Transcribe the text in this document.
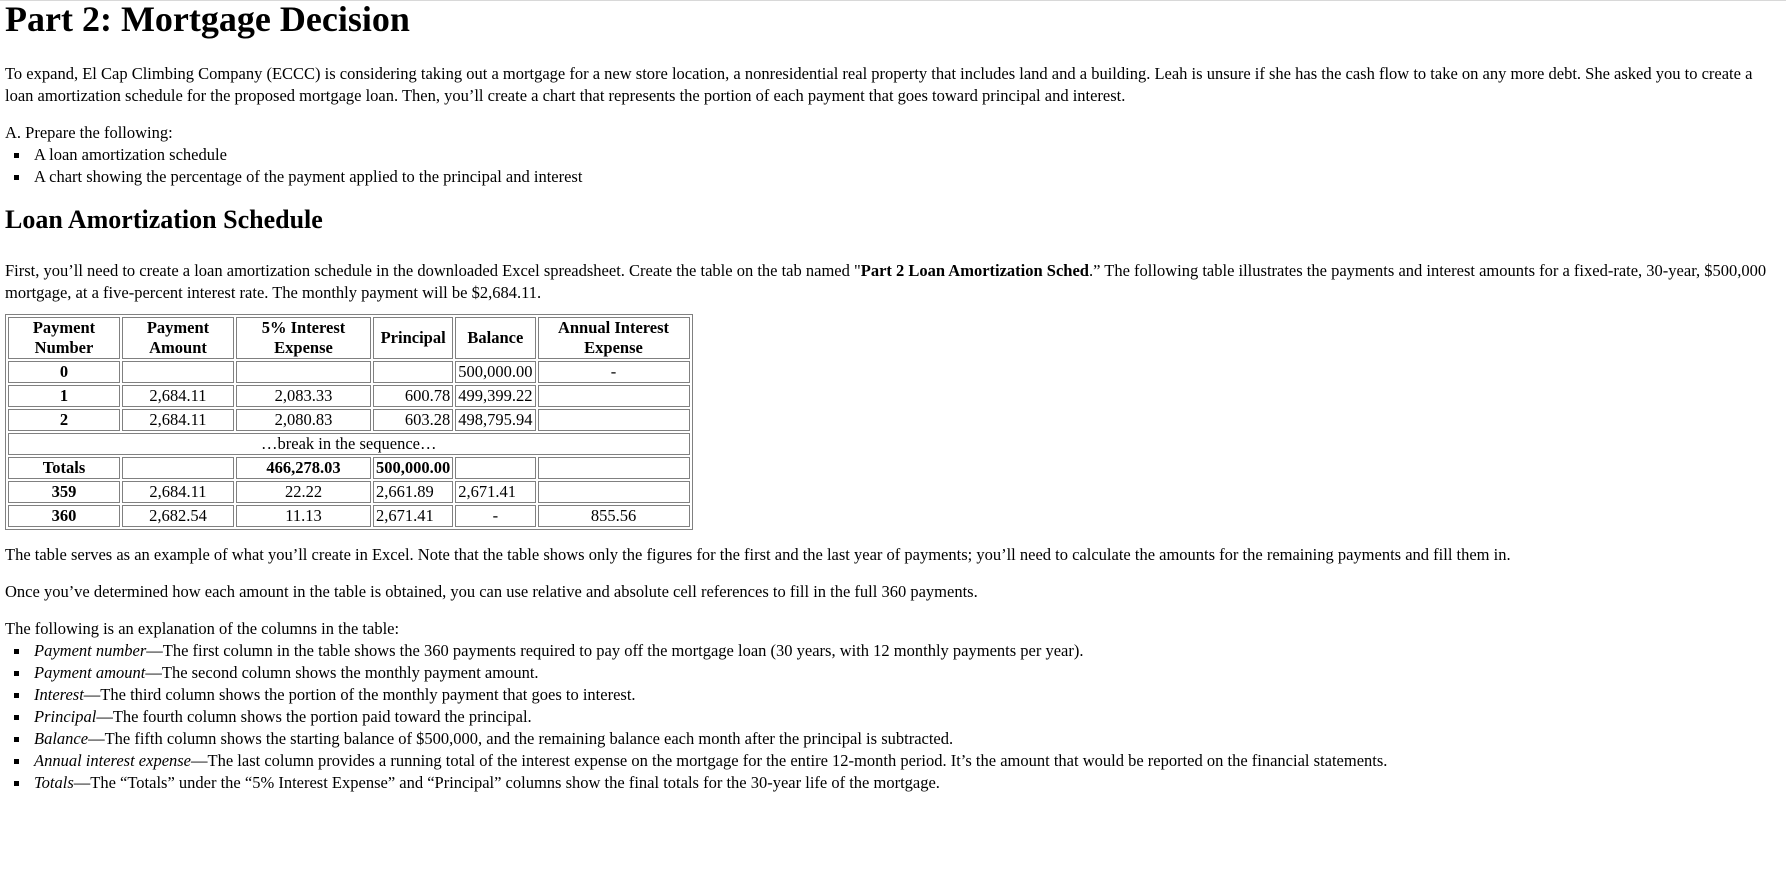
Part 2: Mortgage Decision

To expand, El Cap Climbing Company (ECCC) is considering taking out a mortgage for a new store location, a nonresidential real property that includes land and a building. Leah is unsure if she has the cash flow to take on any more debt. She asked you to create a loan amortization schedule for the proposed mortgage loan. Then, you’ll create a chart that represents the portion of each payment that goes toward principal and interest.

A. Prepare the following:

A loan amortization schedule
A chart showing the percentage of the payment applied to the principal and interest
Loan Amortization Schedule

First, you’ll need to create a loan amortization schedule in the downloaded Excel spreadsheet. Create the table on the tab named "Part 2 Loan Amortization Sched.” The following table illustrates the payments and interest amounts for a fixed-rate, 30-year, $500,000 mortgage, at a five-percent interest rate. The monthly payment will be $2,684.11.

Payment Number	Payment Amount	5% Interest Expense	Principal	Balance	Annual Interest Expense
0				500,000.00	-
1	2,684.11	2,083.33	600.78	499,399.22	
2	2,684.11	2,080.83	603.28	498,795.94	
…break in the sequence…					
Totals		466,278.03	500,000.00		
359	2,684.11	22.22	2,661.89	2,671.41	
360	2,682.54	11.13	2,671.41	-	855.56

The table serves as an example of what you’ll create in Excel. Note that the table shows only the figures for the first and the last year of payments; you’ll need to calculate the amounts for the remaining payments and fill them in.

Once you’ve determined how each amount in the table is obtained, you can use relative and absolute cell references to fill in the full 360 payments.

The following is an explanation of the columns in the table:

Payment number—The first column in the table shows the 360 payments required to pay off the mortgage loan (30 years, with 12 monthly payments per year).
Payment amount—The second column shows the monthly payment amount.
Interest—The third column shows the portion of the monthly payment that goes to interest.
Principal—The fourth column shows the portion paid toward the principal.
Balance—The fifth column shows the starting balance of $500,000, and the remaining balance each month after the principal is subtracted.
Annual interest expense—The last column provides a running total of the interest expense on the mortgage for the entire 12-month period. It’s the amount that would be reported on the financial statements.
Totals—The “Totals” under the “5% Interest Expense” and “Principal” columns show the final totals for the 30-year life of the mortgage.
